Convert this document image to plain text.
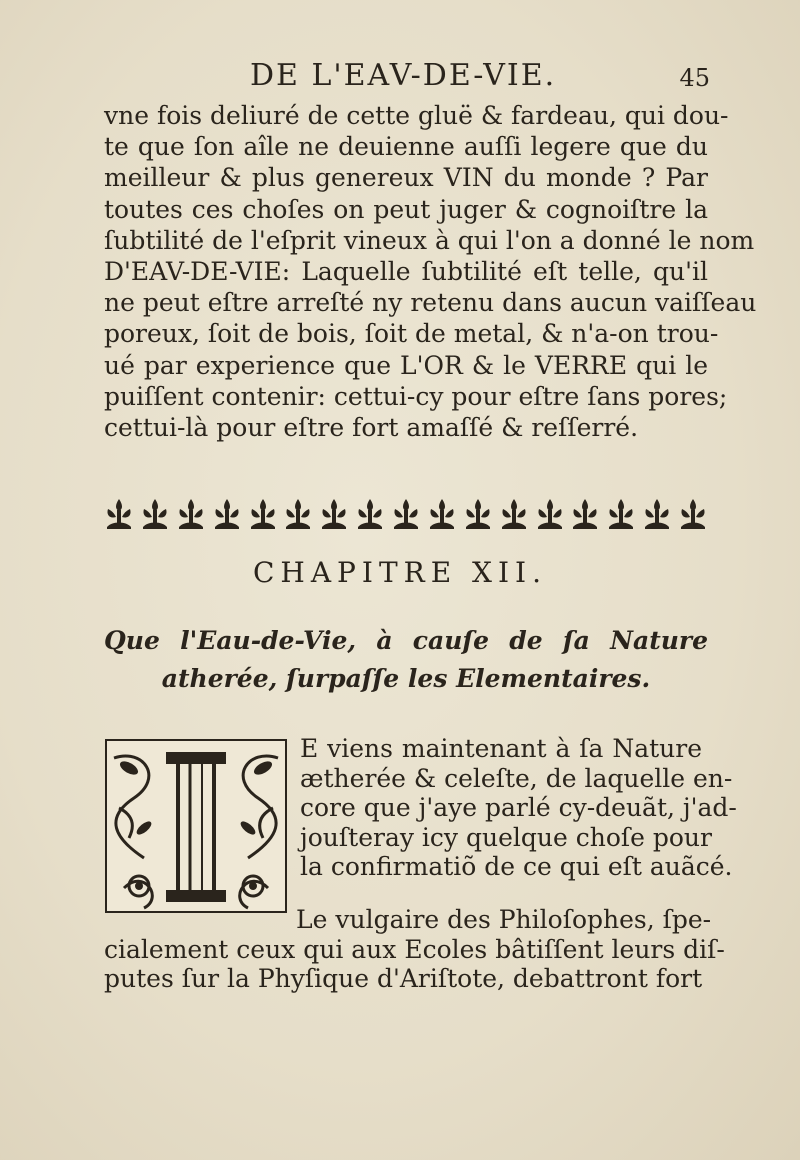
DE L'EAV-DE-VIE.	45
vne fois deliuré de cette gluë & fardeau, qui dou-
te que ſon aîle ne deuienne auſſi legere que du
meilleur & plus genereux VIN du monde ? Par
toutes ces choſes on peut juger & cognoiſtre la
ſubtilité de l'eſprit vineux à qui l'on a donné le nom
D'EAV-DE-VIE: Laquelle ſubtilité eſt telle, qu'il
ne peut eſtre arreſté ny retenu dans aucun vaiſſeau
poreux, ſoit de bois, ſoit de metal, & n'a-on trou-
ué par experience que L'OR & le VERRE qui le
puiſſent contenir: cettui-cy pour eſtre ſans pores;
cettui-là pour eſtre fort amaſſé & reſſerré.
CHAPITRE XII.
Que l'Eau-de-Vie, à cauſe de ſa Nature
atherée, ſurpaſſe les Elementaires.
E viens maintenant à ſa Nature
ætherée & celeſte, de laquelle en-
core que j'aye parlé cy-deuãt, j'ad-
jouſteray icy quelque choſe pour
la confirmatiõ de ce qui eſt auãcé.
Le vulgaire des Philoſophes, ſpe-
cialement ceux qui aux Ecoles bâtiſſent leurs diſ-
putes ſur la Phyſique d'Ariſtote, debattront fort
